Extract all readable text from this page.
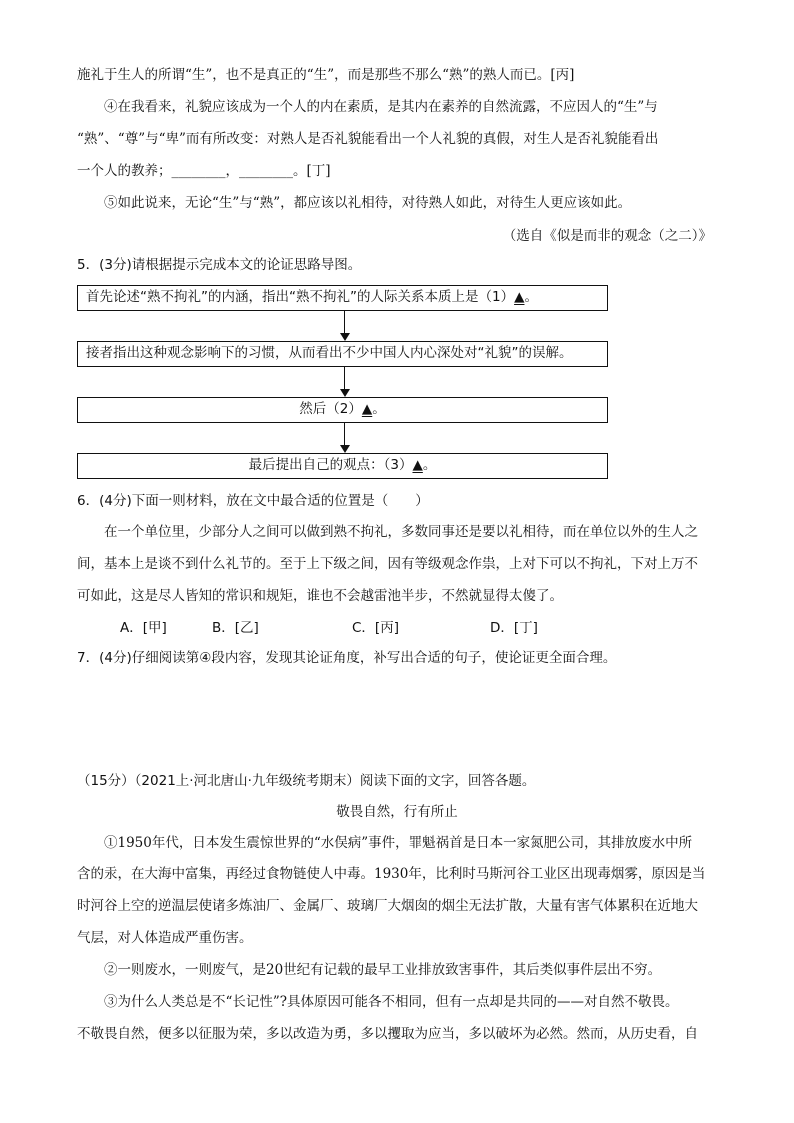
施礼于生人的所谓“生”，也不是真正的“生”，而是那些不那么“熟”的熟人而已。[丙]
④在我看来，礼貌应该成为一个人的内在素质，是其内在素养的自然流露，不应因人的“生”与
“熟”、“尊”与“卑”而有所改变：对熟人是否礼貌能看出一个人礼貌的真假，对生人是否礼貌能看出
一个人的教养；________，________。[丁]
⑤如此说来，无论“生”与“熟”，都应该以礼相待，对待熟人如此，对待生人更应该如此。
（选自《似是而非的观念（之二）》
5．(3分)请根据提示完成本文的论证思路导图。
首先论述“熟不拘礼”的内涵，指出“熟不拘礼”的人际关系本质上是（1）▲。
接者指出这种观念影响下的习惯，从而看出不少中国人内心深处对“礼貌”的误解。
然后（2）▲。
最后提出自己的观点：（3）▲。
6．(4分)下面一则材料，放在文中最合适的位置是（　　）
在一个单位里，少部分人之间可以做到熟不拘礼，多数同事还是要以礼相待，而在单位以外的生人之
间，基本上是谈不到什么礼节的。至于上下级之间，因有等级观念作祟，上对下可以不拘礼，下对上万不
可如此，这是尽人皆知的常识和规矩，谁也不会越雷池半步，不然就显得太傻了。
A．[甲]	B．[乙]	C．[丙]	D．[丁]
7．(4分)仔细阅读第④段内容，发现其论证角度，补写出合适的句子，使论证更全面合理。
（15分）（2021上·河北唐山·九年级统考期末）阅读下面的文字，回答各题。
敬畏自然，行有所止
①1950年代，日本发生震惊世界的“水俣病”事件，罪魁祸首是日本一家氮肥公司，其排放废水中所
含的汞，在大海中富集，再经过食物链使人中毒。1930年，比利时马斯河谷工业区出现毒烟雾，原因是当
时河谷上空的逆温层使诸多炼油厂、金属厂、玻璃厂大烟囱的烟尘无法扩散，大量有害气体累积在近地大
气层，对人体造成严重伤害。
②一则废水，一则废气，是20世纪有记载的最早工业排放致害事件，其后类似事件层出不穷。
③为什么人类总是不“长记性”?具体原因可能各不相同，但有一点却是共同的——对自然不敬畏。
不敬畏自然，便多以征服为荣，多以改造为勇，多以攫取为应当，多以破坏为必然。然而，从历史看，自
